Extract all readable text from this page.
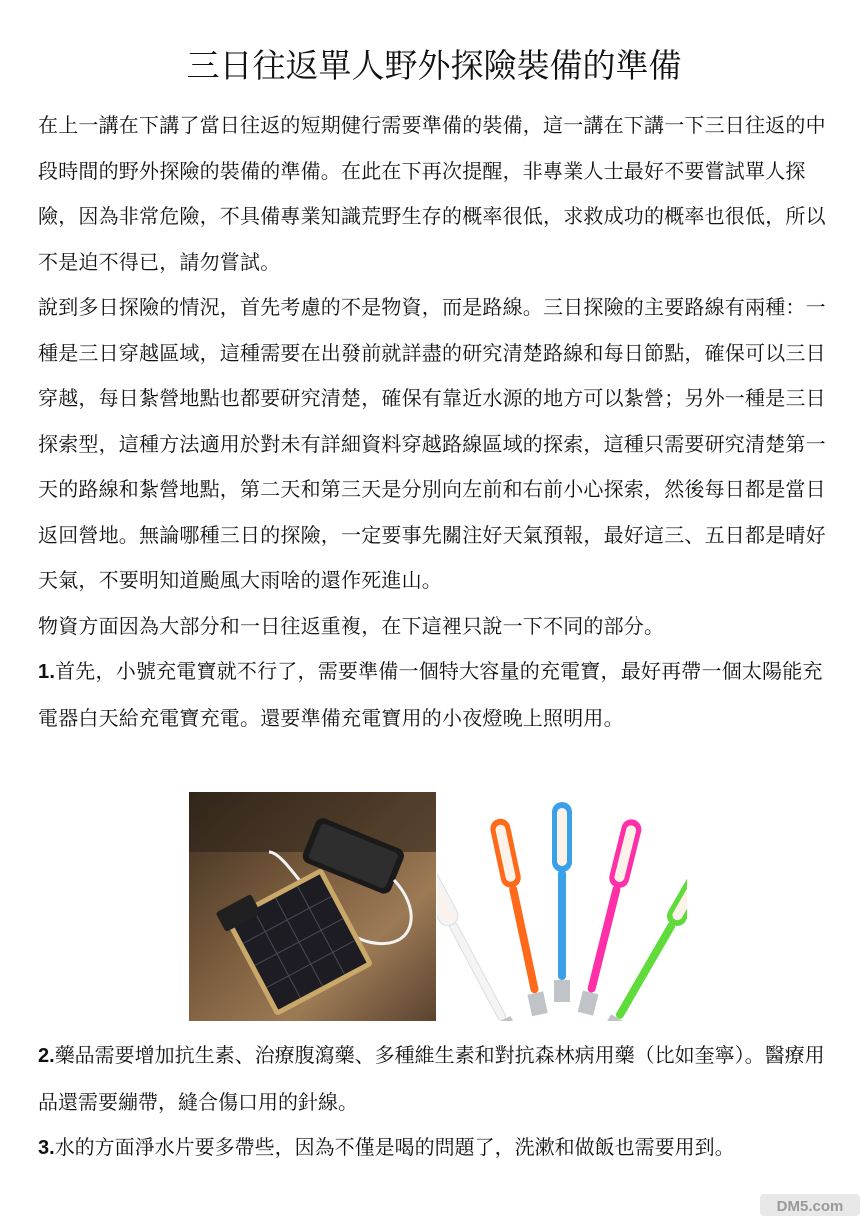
三日往返單人野外探險裝備的準備

在上一講在下講了當日往返的短期健行需要準備的裝備，這一講在下講一下三日往返的中段時間的野外探險的裝備的準備。在此在下再次提醒，非專業人士最好不要嘗試單人探險，因為非常危險，不具備專業知識荒野生存的概率很低，求救成功的概率也很低，所以不是迫不得已，請勿嘗試。

說到多日探險的情況，首先考慮的不是物資，而是路線。三日探險的主要路線有兩種：一種是三日穿越區域，這種需要在出發前就詳盡的研究清楚路線和每日節點，確保可以三日穿越，每日紮營地點也都要研究清楚，確保有靠近水源的地方可以紮營；另外一種是三日探索型，這種方法適用於對未有詳細資料穿越路線區域的探索，這種只需要研究清楚第一天的路線和紮營地點，第二天和第三天是分別向左前和右前小心探索，然後每日都是當日返回營地。無論哪種三日的探險，一定要事先關注好天氣預報，最好這三、五日都是晴好天氣，不要明知道颱風大雨啥的還作死進山。

物資方面因為大部分和一日往返重複，在下這裡只說一下不同的部分。

1.首先，小號充電寶就不行了，需要準備一個特大容量的充電寶，最好再帶一個太陽能充電器白天給充電寶充電。還要準備充電寶用的小夜燈晚上照明用。

2.藥品需要增加抗生素、治療腹瀉藥、多種維生素和對抗森林病用藥（比如奎寧）。醫療用品還需要繃帶，縫合傷口用的針線。

3.水的方面淨水片要多帶些，因為不僅是喝的問題了，洗漱和做飯也需要用到。

DM5.com
